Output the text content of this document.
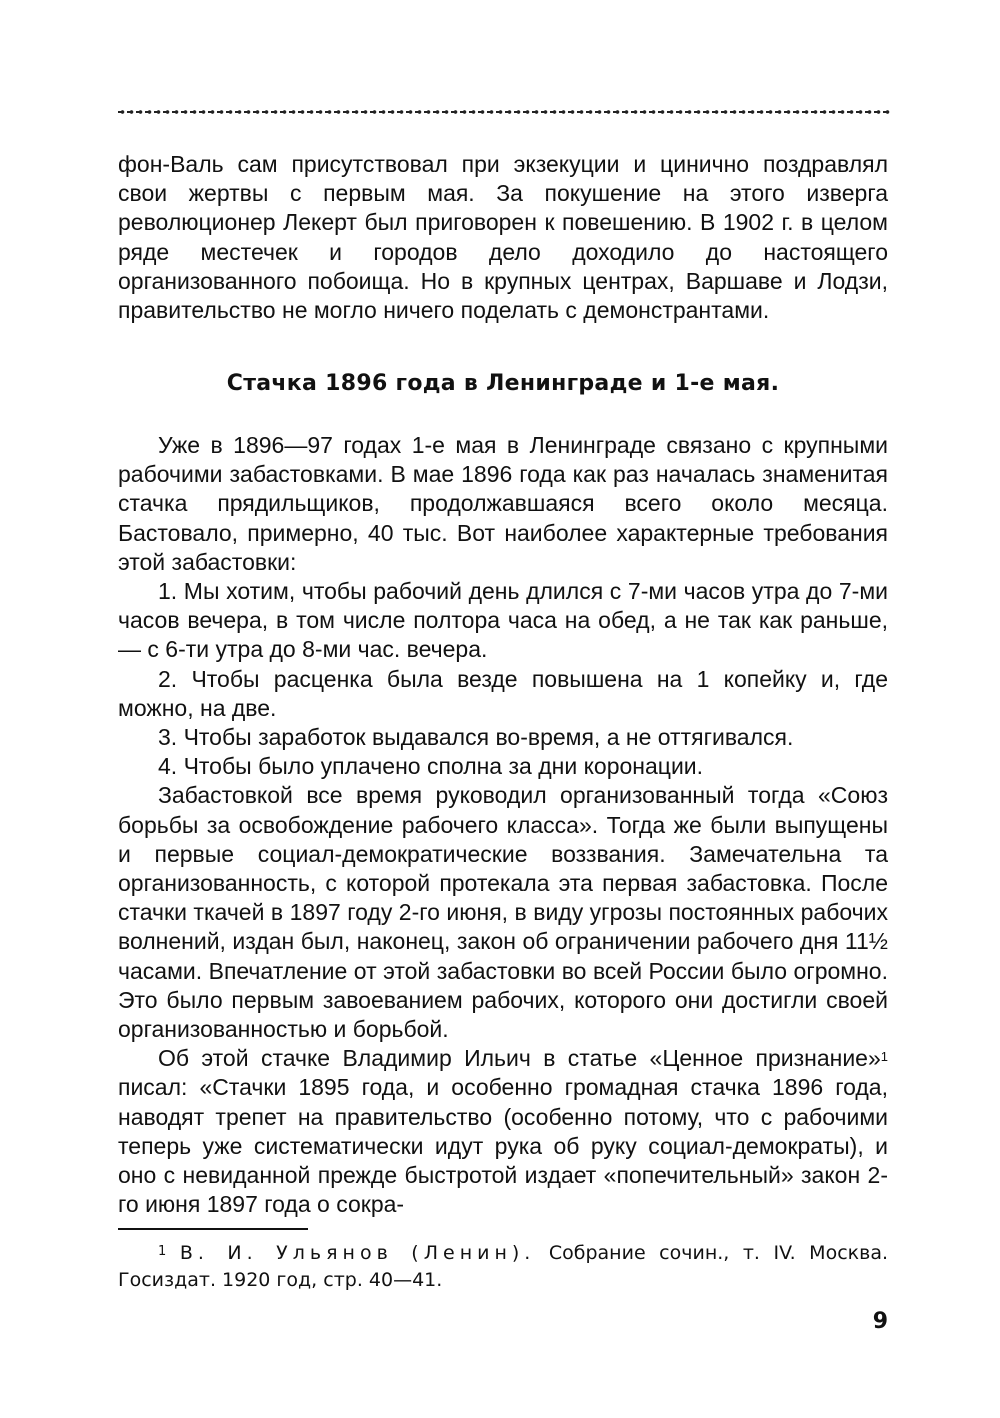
фон-Валь сам присутствовал при экзекуции и цинично поздравлял свои жертвы с первым мая. За покушение на этого изверга революционер Лекерт был приговорен к повешению. В 1902 г. в целом ряде местечек и городов дело доходило до настоящего организованного побоища. Но в крупных центрах, Варшаве и Лодзи, правительство не могло ничего поделать с демонстрантами.

Стачка 1896 года в Ленинграде и 1-е мая.

Уже в 1896—97 годах 1-е мая в Ленинграде связано с крупными рабочими забастовками. В мае 1896 года как раз началась знаменитая стачка прядильщиков, продолжавшаяся всего около месяца. Бастовало, примерно, 40 тыс. Вот наиболее характерные требования этой забастовки:

1. Мы хотим, чтобы рабочий день длился с 7-ми часов утра до 7-ми часов вечера, в том числе полтора часа на обед, а не так как раньше, — с 6-ти утра до 8-ми час. вечера.

2. Чтобы расценка была везде повышена на 1 копейку и, где можно, на две.

3. Чтобы заработок выдавался во-время, а не оттягивался.

4. Чтобы было уплачено сполна за дни коронации.

Забастовкой все время руководил организованный тогда «Союз борьбы за освобождение рабочего класса». Тогда же были выпущены и первые социал-демократические воззвания. Замечательна та организованность, с которой протекала эта первая забастовка. После стачки ткачей в 1897 году 2-го июня, в виду угрозы постоянных рабочих волнений, издан был, наконец, закон об ограничении рабочего дня 11½ часами. Впечатление от этой забастовки во всей России было огромно. Это было первым завоеванием рабочих, которого они достигли своей организованностью и борьбой.

Об этой стачке Владимир Ильич в статье «Ценное признание»$^1$ писал: «Стачки 1895 года, и особенно громадная стачка 1896 года, наводят трепет на правительство (особенно потому, что с рабочими теперь уже систематически идут рука об руку социал-демократы), и оно с невиданной прежде быстротой издает «попечительный» закон 2-го июня 1897 года о сокра-

$^1$ В. И. Ульянов (Ленин). Собрание сочин., т. IV. Москва. Госиздат. 1920 год, стр. 40—41.

9
